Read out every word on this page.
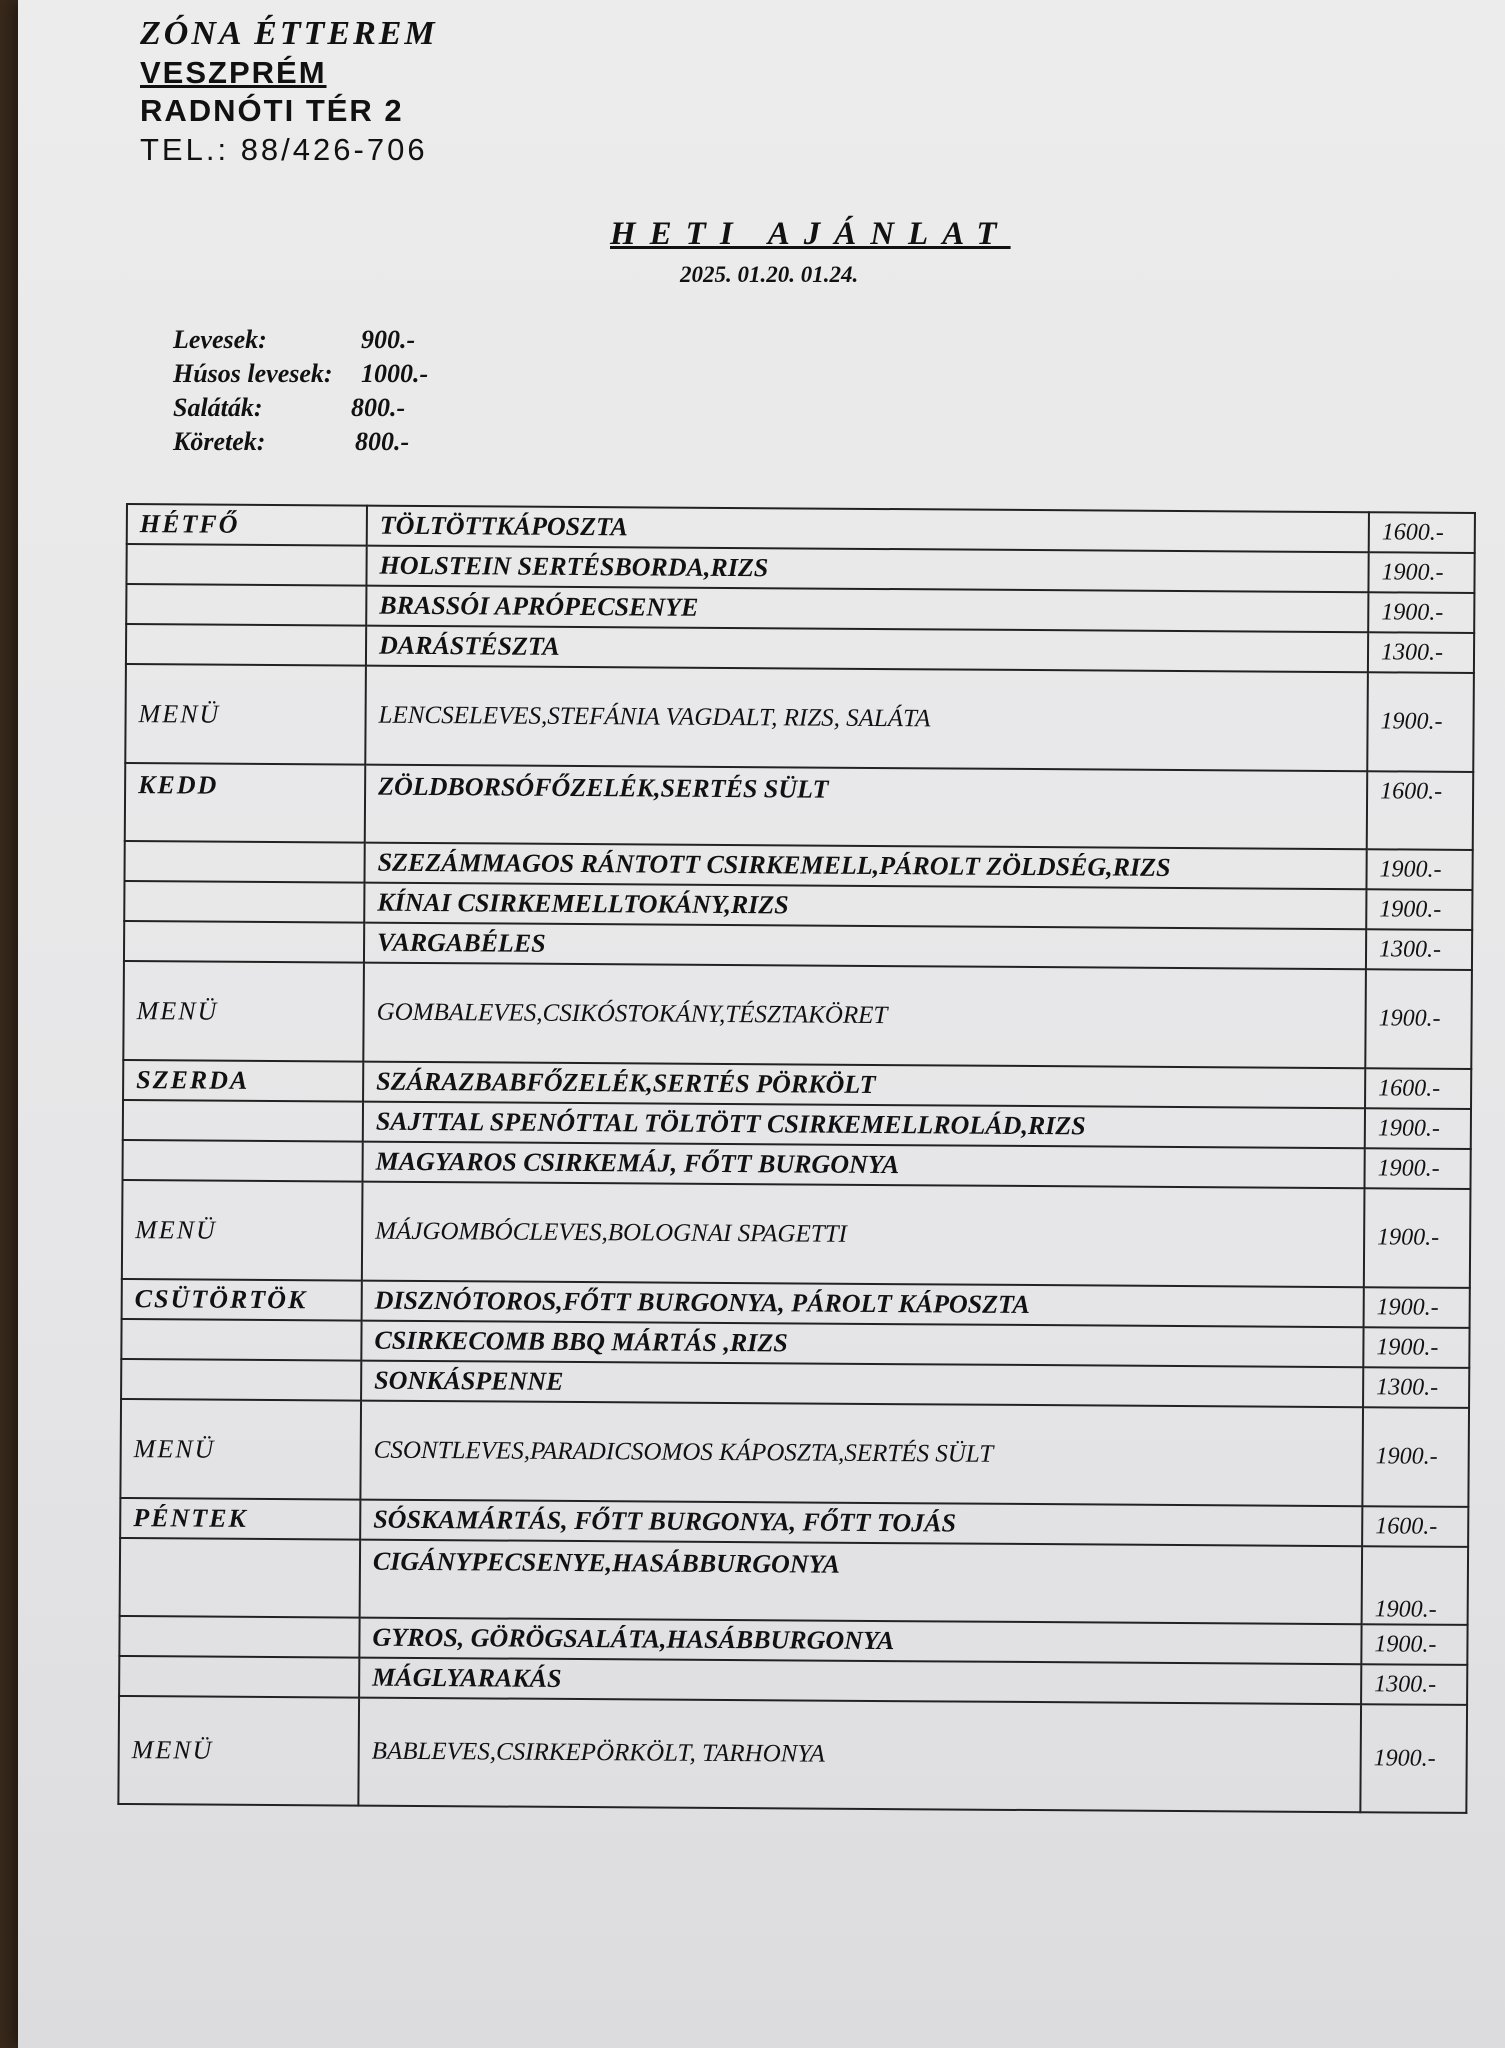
ZÓNA ÉTTEREM
VESZPRÉM
RADNÓTI TÉR 2
TEL.: 88/426-706
HETI AJÁNLAT
2025. 01.20. 01.24.
Levesek:	900.-
Húsos levesek: 1000.-
Saláták:	800.-
Köretek:	800.-
HÉTFŐ	TÖLTÖTTKÁPOSZTA	1600.-
	HOLSTEIN SERTÉSBORDA,RIZS	1900.-
	BRASSÓI APRÓPECSENYE	1900.-
	DARÁSTÉSZTA	1300.-
MENÜ	LENCSELEVES,STEFÁNIA VAGDALT, RIZS, SALÁTA	1900.-
KEDD	ZÖLDBORSÓFŐZELÉK,SERTÉS SÜLT	1600.-
	SZEZÁMMAGOS RÁNTOTT CSIRKEMELL,PÁROLT ZÖLDSÉG,RIZS	1900.-
	KÍNAI CSIRKEMELLTOKÁNY,RIZS	1900.-
	VARGABÉLES	1300.-
MENÜ	GOMBALEVES,CSIKÓSTOKÁNY,TÉSZTAKÖRET	1900.-
SZERDA	SZÁRAZBABFŐZELÉK,SERTÉS PÖRKÖLT	1600.-
	SAJTTAL SPENÓTTAL TÖLTÖTT CSIRKEMELLROLÁD,RIZS	1900.-
	MAGYAROS CSIRKEMÁJ, FŐTT BURGONYA	1900.-
MENÜ	MÁJGOMBÓCLEVES,BOLOGNAI SPAGETTI	1900.-
CSÜTÖRTÖK	DISZNÓTOROS,FŐTT BURGONYA, PÁROLT KÁPOSZTA	1900.-
	CSIRKECOMB BBQ MÁRTÁS ,RIZS	1900.-
	SONKÁSPENNE	1300.-
MENÜ	CSONTLEVES,PARADICSOMOS KÁPOSZTA,SERTÉS SÜLT	1900.-
PÉNTEK	SÓSKAMÁRTÁS, FŐTT BURGONYA, FŐTT TOJÁS	1600.-
	CIGÁNYPECSENYE,HASÁBBURGONYA	1900.-
	GYROS, GÖRÖGSALÁTA,HASÁBBURGONYA	1900.-
	MÁGLYARAKÁS	1300.-
MENÜ	BABLEVES,CSIRKEPÖRKÖLT, TARHONYA	1900.-
